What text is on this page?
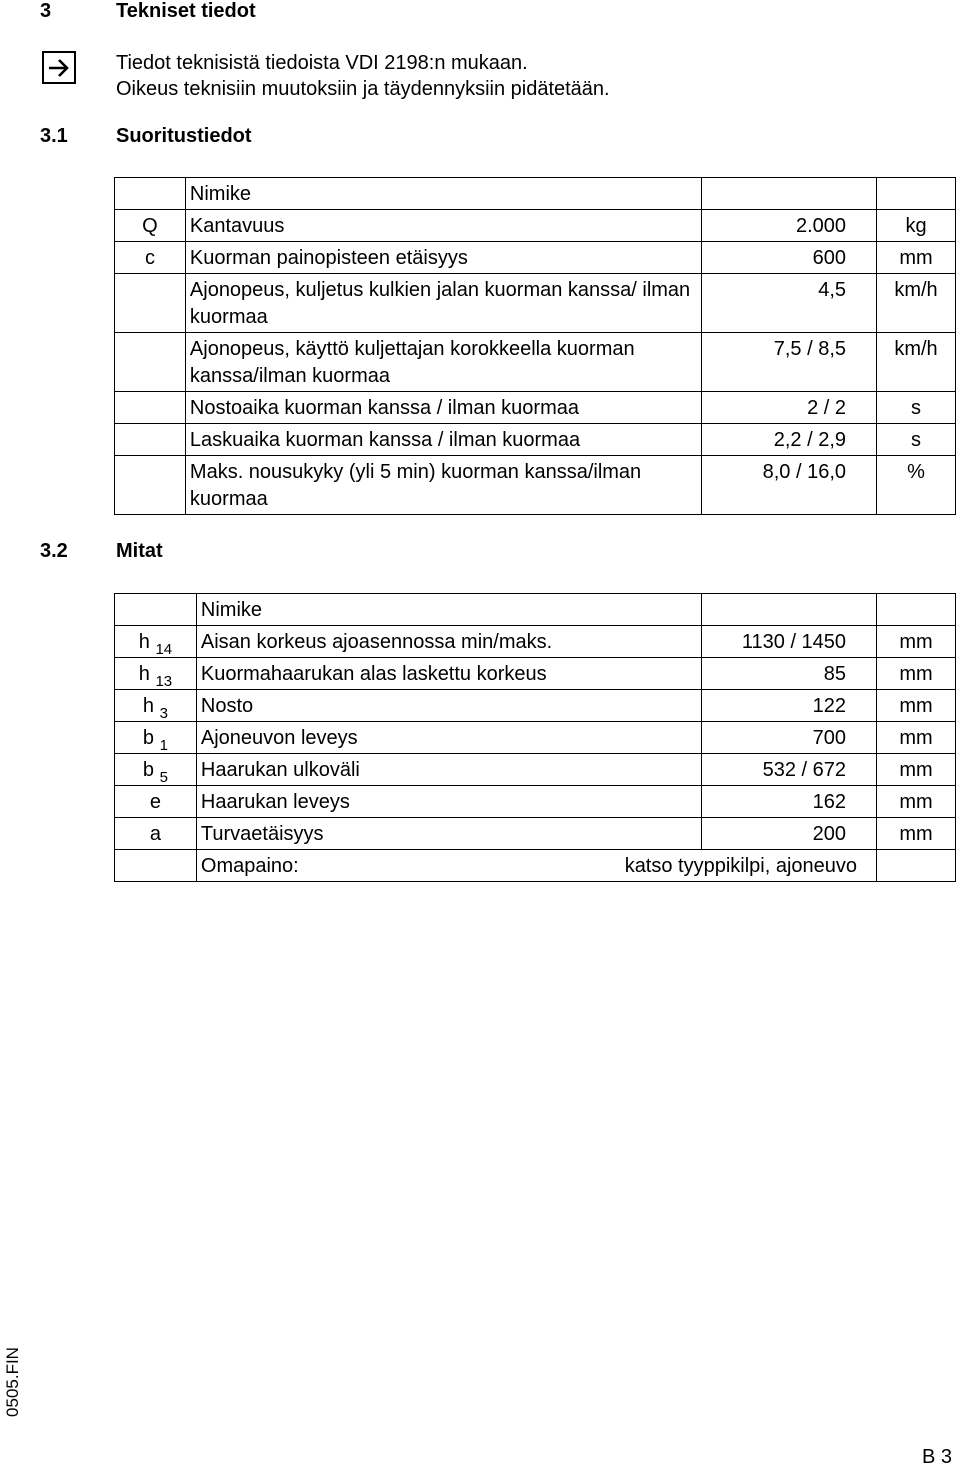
3	Tekniset tiedot
Tiedot teknisistä tiedoista VDI 2198:n mukaan.
Oikeus teknisiin muutoksiin ja täydennyksiin pidätetään.
3.1 Suoritustiedot
	Nimike		
Q	Kantavuus	2.000	kg
c	Kuorman painopisteen etäisyys	600	mm
	Ajonopeus, kuljetus kulkien jalan kuorman kanssa/ ilman kuormaa	4,5	km/h
	Ajonopeus, käyttö kuljettajan korokkeella kuorman kanssa/ilman kuormaa	7,5 / 8,5	km/h
	Nostoaika kuorman kanssa / ilman kuormaa	2 / 2	s
	Laskuaika kuorman kanssa / ilman kuormaa	2,2 / 2,9	s
	Maks. nousukyky (yli 5 min) kuorman kanssa/ilman kuormaa	8,0 / 16,0	%
3.2 Mitat
	Nimike		
h $_{14}$	Aisan korkeus ajoasennossa min/maks.	1130 / 1450	mm
h $_{13}$	Kuormahaarukan alas laskettu korkeus	85	mm
h $_3$	Nosto	122	mm
b $_1$	Ajoneuvon leveys	700	mm
b $_5$	Haarukan ulkoväli	532 / 672	mm
e	Haarukan leveys	162	mm
a	Turvaetäisyys	200	mm
	Omapaino: katso tyyppikilpi, ajoneuvo		

0505.FIN
B 3
